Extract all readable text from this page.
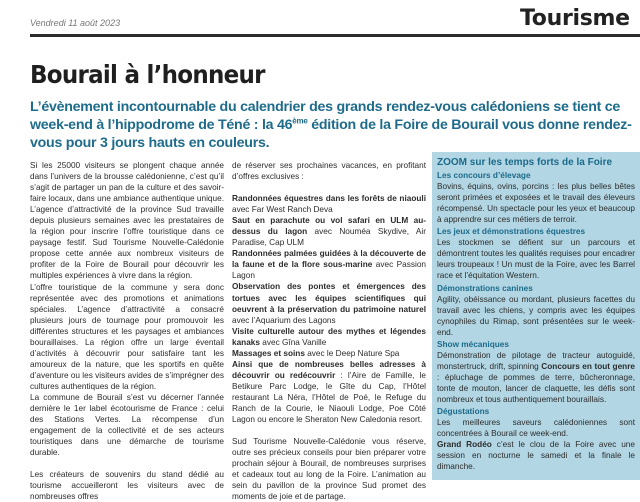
Vendredi 11 août 2023	Tourisme
Bourail à l’honneur
L’évènement incontournable du calendrier des grands rendez-vous calédoniens se tient ce week-end à l’hippodrome de Téné : la 46ème édition de la Foire de Bourail vous donne rendez-vous pour 3 jours hauts en couleurs.

Si les 25000 visiteurs se plongent chaque année dans l’univers de la brousse calédonienne, c’est qu’il s’agit de partager un pan de la culture et des savoir-faire locaux, dans une ambiance authentique unique. L’agence d’attractivité de la province Sud travaille depuis plusieurs semaines avec les prestataires de la région pour inscrire l’offre touristique dans ce paysage festif. Sud Tourisme Nouvelle-Calédonie propose cette année aux nombreux visiteurs de profiter de la Foire de Bourail pour découvrir les multiples expériences à vivre dans la région.

L’offre touristique de la commune y sera donc représentée avec des promotions et animations spéciales. L’agence d’attractivité a consacré plusieurs jours de tournage pour promouvoir les différentes structures et les paysages et ambiances bouraillaises. La région offre un large éventail d’activités à découvrir pour satisfaire tant les amoureux de la nature, que les sportifs en quête d’aventure ou les visiteurs avides de s’imprégner des cultures authentiques de la région.

La commune de Bourail s’est vu décerner l’année dernière le 1er label écotourisme de France : celui des Stations Vertes. La récompense d’un engagement de la collectivité et de ses acteurs touristiques dans une démarche de tourisme durable.

Les créateurs de souvenirs du stand dédié au tourisme accueilleront les visiteurs avec de nombreuses offres

de réserver ses prochaines vacances, en profitant d’offres exclusives :

Randonnées équestres dans les forêts de niaouli avec Far West Ranch Deva

Saut en parachute ou vol safari en ULM au-dessus du lagon avec Nouméa Skydive, Air Paradise, Cap ULM

Randonnées palmées guidées à la découverte de la faune et de la flore sous-marine avec Passion Lagon

Observation des pontes et émergences des tortues avec les équipes scientifiques qui oeuvrent à la préservation du patrimoine naturel avec l’Aquarium des Lagons

Visite culturelle autour des mythes et légendes kanaks avec Gîna Vanille

Massages et soins avec le Deep Nature Spa

Ainsi que de nombreuses belles adresses à découvrir ou redécouvrir : l’Aire de Famille, le Betikure Parc Lodge, le Gîte du Cap, l’Hôtel restaurant La Néra, l’Hôtel de Poé, le Refuge du Ranch de la Courie, le Niaouli Lodge, Poe Côté Lagon ou encore le Sheraton New Caledonia resort.

Sud Tourisme Nouvelle-Calédonie vous réserve, outre ses précieux conseils pour bien préparer votre prochain séjour à Bourail, de nombreuses surprises et cadeaux tout au long de la Foire. L’animation au sein du pavillon de la province Sud promet des moments de joie et de partage.

ZOOM sur les temps forts de la Foire
Les concours d’élevage

Bovins, équins, ovins, porcins : les plus belles bêtes seront primées et exposées et le travail des éleveurs récompensé. Un spectacle pour les yeux et beaucoup à apprendre sur ces métiers de terroir.

Les jeux et démonstrations équestres

Les stockmen se défient sur un parcours et démontrent toutes les qualités requises pour encadrer leurs troupeaux ! Un must de la Foire, avec les Barrel race et l’équitation Western.

Démonstrations canines

Agility, obéissance ou mordant, plusieurs facettes du travail avec les chiens, y compris avec les équipes cynophiles du Rimap, sont présentées sur le week-end.

Show mécaniques

Démonstration de pilotage de tracteur autoguidé, monstertruck, drift, spinning Concours en tout genre : épluchage de pommes de terre, bûcheronnage, tonte de mouton, lancer de claquette, les défis sont nombreux et tous authentiquement bouraillais.

Dégustations

Les meilleures saveurs calédoniennes sont concentrées à Bourail ce week-end.

Grand Rodéo c’est le clou de la Foire avec une session en nocturne le samedi et la finale le dimanche.
